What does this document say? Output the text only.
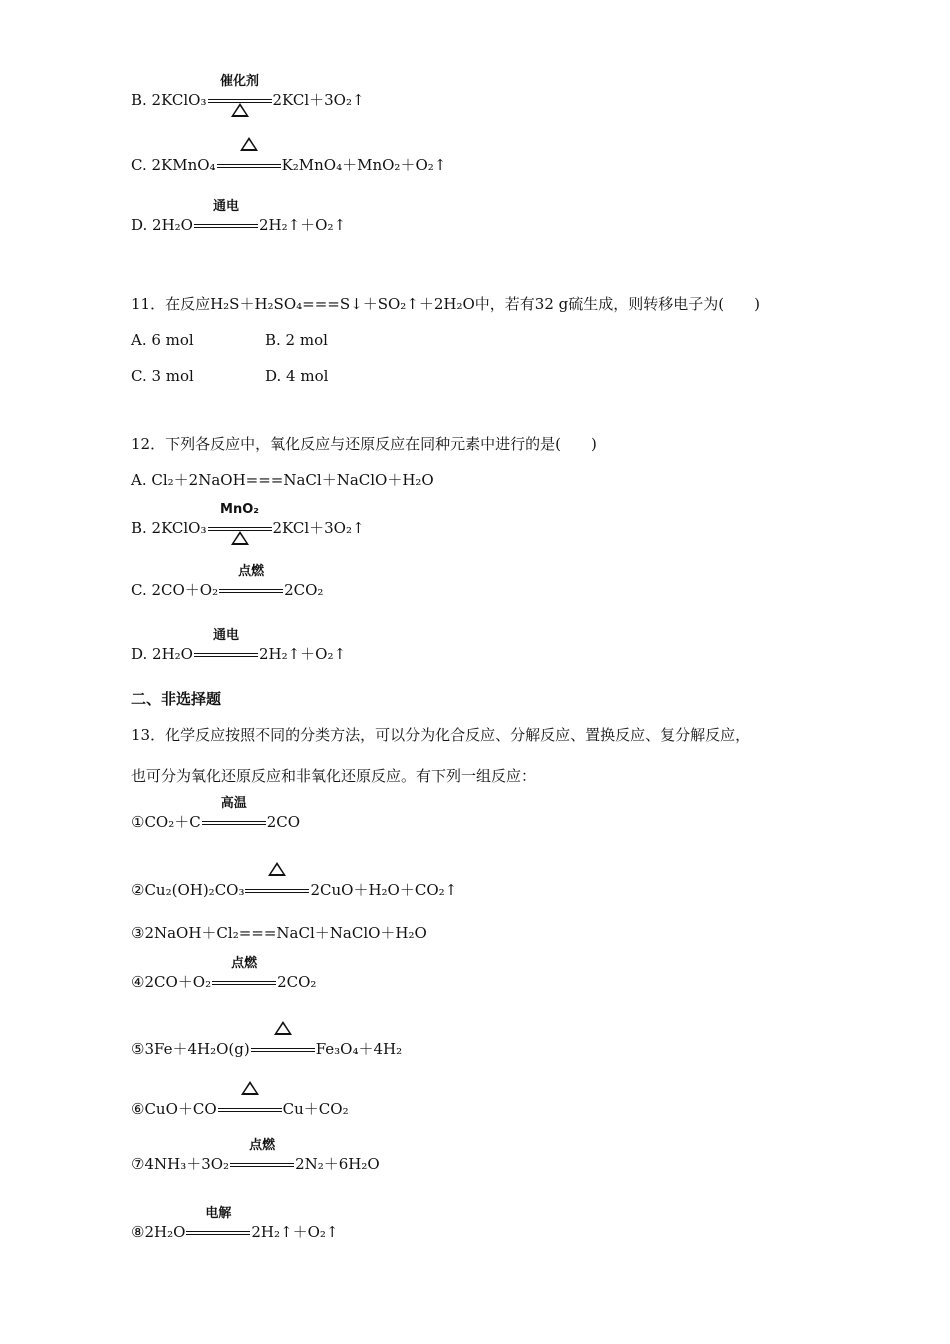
B. 2KClO₃
催化剂
2KCl＋3O₂↑
C. 2KMnO₄	K₂MnO₄＋MnO₂＋O₂↑
D. 2H₂O
通电
2H₂↑＋O₂↑
11．在反应H₂S＋H₂SO₄===S↓＋SO₂↑＋2H₂O中，若有32 g硫生成，则转移电子为(　　)
A. 6 mol	B. 2 mol
C. 3 mol	D. 4 mol
12．下列各反应中，氧化反应与还原反应在同种元素中进行的是(　　)
A. Cl₂＋2NaOH===NaCl＋NaClO＋H₂O
B. 2KClO₃
MnO₂
2KCl＋3O₂↑
C. 2CO＋O₂
点燃
2CO₂
D. 2H₂O
通电
2H₂↑＋O₂↑
二、非选择题
13．化学反应按照不同的分类方法，可以分为化合反应、分解反应、置换反应、复分解反应，
也可分为氧化还原反应和非氧化还原反应。有下列一组反应：
①CO₂＋C
高温
2CO
②Cu₂(OH)₂CO₃	2CuO＋H₂O＋CO₂↑
③2NaOH＋Cl₂===NaCl＋NaClO＋H₂O
④2CO＋O₂
点燃
2CO₂
⑤3Fe＋4H₂O(g)	Fe₃O₄＋4H₂
⑥CuO＋CO	Cu＋CO₂
⑦4NH₃＋3O₂
点燃
2N₂＋6H₂O
⑧2H₂O
电解
2H₂↑＋O₂↑
